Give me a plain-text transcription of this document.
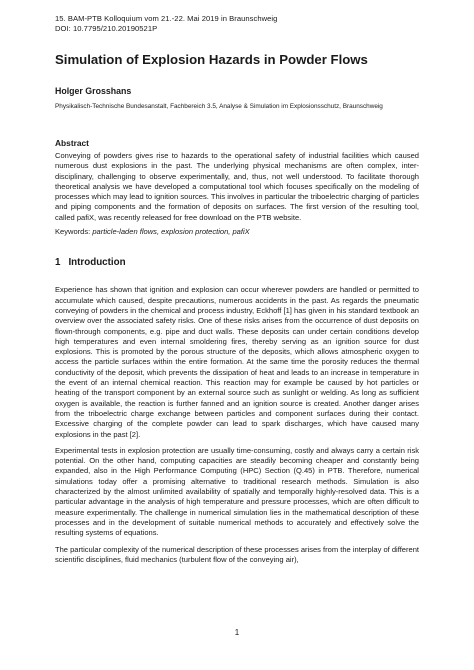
15. BAM-PTB Kolloquium vom 21.-22. Mai 2019 in Braunschweig
DOI: 10.7795/210.20190521P
Simulation of Explosion Hazards in Powder Flows
Holger Grosshans
Physikalisch-Technische Bundesanstalt, Fachbereich 3.5, Analyse & Simulation im Explosionsschutz, Braunschweig
Abstract

Conveying of powders gives rise to hazards to the operational safety of industrial facilities which caused numerous dust explosions in the past. The underlying physical mechanisms are often complex, inter-disciplinary, challenging to observe experimentally, and, thus, not well understood. To facilitate thorough theoretical analysis we have developed a computational tool which focuses specifically on the modeling of processes which may lead to ignition sources. This involves in particular the triboelectric charging of particles and piping components and the formation of deposits on surfaces. The first version of the resulting tool, called pafiX, was recently released for free download on the PTB website.

Keywords: particle-laden flows, explosion protection, pafiX
1 Introduction

Experience has shown that ignition and explosion can occur wherever powders are handled or permitted to accumulate which caused, despite precautions, numerous accidents in the past. As regards the pneumatic conveying of powders in the chemical and process industry, Eckhoff [1] has given in his standard textbook an overview over the associated safety risks. One of these risks arises from the occurrence of dust deposits on flown-through components, e.g. pipe and duct walls. These deposits can under certain conditions develop high temperatures and even internal smoldering fires, thereby serving as an ignition source for dust explosions. This is promoted by the porous structure of the deposits, which allows atmospheric oxygen to access the particle surfaces within the entire formation. At the same time the porosity reduces the thermal conductivity of the deposit, which prevents the dissipation of heat and leads to an increase in temperature in the event of an internal chemical reaction. This reaction may for example be caused by hot particles or heating of the transport component by an external source such as sunlight or welding. As long as sufficient oxygen is available, the reaction is further fanned and an ignition source is created. Another danger arises from the triboelectric charge exchange between particles and component surfaces during their contact. Excessive charging of the complete powder can lead to spark discharges, which have caused many explosions in the past [2].

Experimental tests in explosion protection are usually time-consuming, costly and always carry a certain risk potential. On the other hand, computing capacities are steadily becoming cheaper and constantly being expanded, also in the High Performance Computing (HPC) Section (Q.45) in PTB. Therefore, numerical simulations today offer a promising alternative to traditional research methods. Simulation is also characterized by the almost unlimited availability of spatially and temporally highly-resolved data. This is a particular advantage in the analysis of high temperature and pressure processes, which are often difficult to measure experimentally. The challenge in numerical simulation lies in the mathematical description of these processes and in the development of suitable numerical methods to accurately and effectively solve the resulting systems of equations.

The particular complexity of the numerical description of these processes arises from the interplay of different scientific disciplines, fluid mechanics (turbulent flow of the conveying air),

1
